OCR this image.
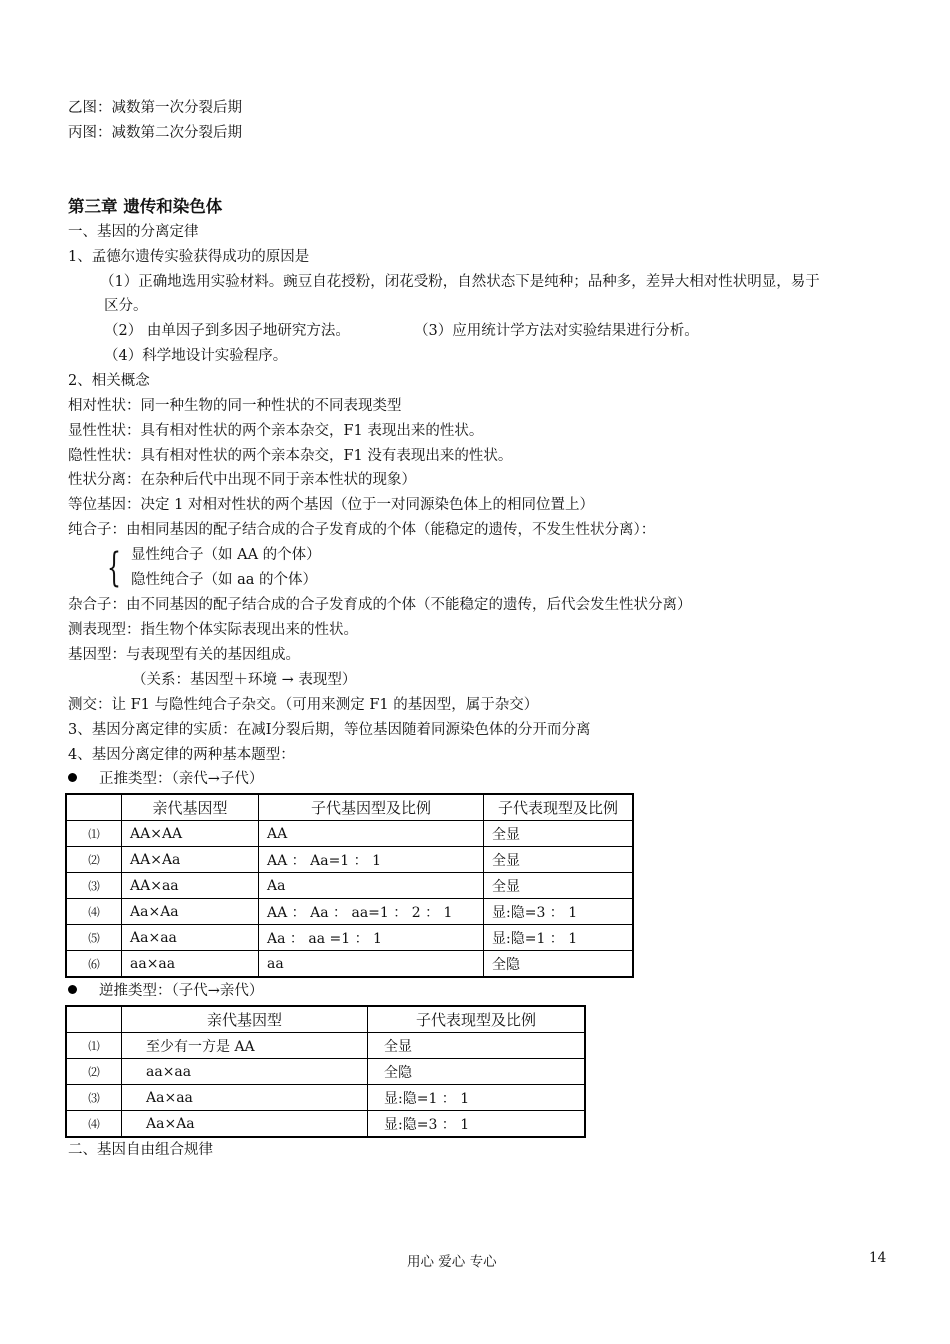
乙图：减数第一次分裂后期
丙图：减数第二次分裂后期
第三章 遗传和染色体
一、基因的分离定律
1、孟德尔遗传实验获得成功的原因是
（1）正确地选用实验材料。豌豆自花授粉，闭花受粉，自然状态下是纯种；品种多，差异大相对性状明显，易于
区分。
（2） 由单因子到多因子地研究方法。	（3）应用统计学方法对实验结果进行分析。
（4）科学地设计实验程序。
2、相关概念
相对性状：同一种生物的同一种性状的不同表现类型
显性性状：具有相对性状的两个亲本杂交，F1 表现出来的性状。
隐性性状：具有相对性状的两个亲本杂交，F1 没有表现出来的性状。
性状分离：在杂种后代中出现不同于亲本性状的现象）
等位基因：决定 1 对相对性状的两个基因（位于一对同源染色体上的相同位置上）
纯合子：由相同基因的配子结合成的合子发育成的个体（能稳定的遗传，不发生性状分离）：
{ 显性纯合子（如 AA 的个体）
隐性纯合子（如 aa 的个体）
杂合子：由不同基因的配子结合成的合子发育成的个体（不能稳定的遗传，后代会发生性状分离）
测表现型：指生物个体实际表现出来的性状。
基因型：与表现型有关的基因组成。
（关系：基因型＋环境 → 表现型）
测交：让 F1 与隐性纯合子杂交。（可用来测定 F1 的基因型，属于杂交）
3、基因分离定律的实质：在减Ⅰ分裂后期，等位基因随着同源染色体的分开而分离
4、基因分离定律的两种基本题型：
正推类型：（亲代→子代）
	亲代基因型	子代基因型及比例	子代表现型及比例
⑴	AA×AA	AA	全显
⑵	AA×Aa	AA ： Aa=1 ： 1	全显
⑶	AA×aa	Aa	全显
⑷	Aa×Aa	AA ： Aa ： aa=1 ： 2 ： 1	显:隐=3 ： 1
⑸	Aa×aa	Aa ： aa =1 ： 1	显:隐=1 ： 1
⑹	aa×aa	aa	全隐
逆推类型：（子代→亲代）
	亲代基因型	子代表现型及比例
⑴	至少有一方是 AA	全显
⑵	aa×aa	全隐
⑶	Aa×aa	显:隐=1 ： 1
⑷	Aa×Aa	显:隐=3 ： 1
二、基因自由组合规律
用心 爱心 专心	14
